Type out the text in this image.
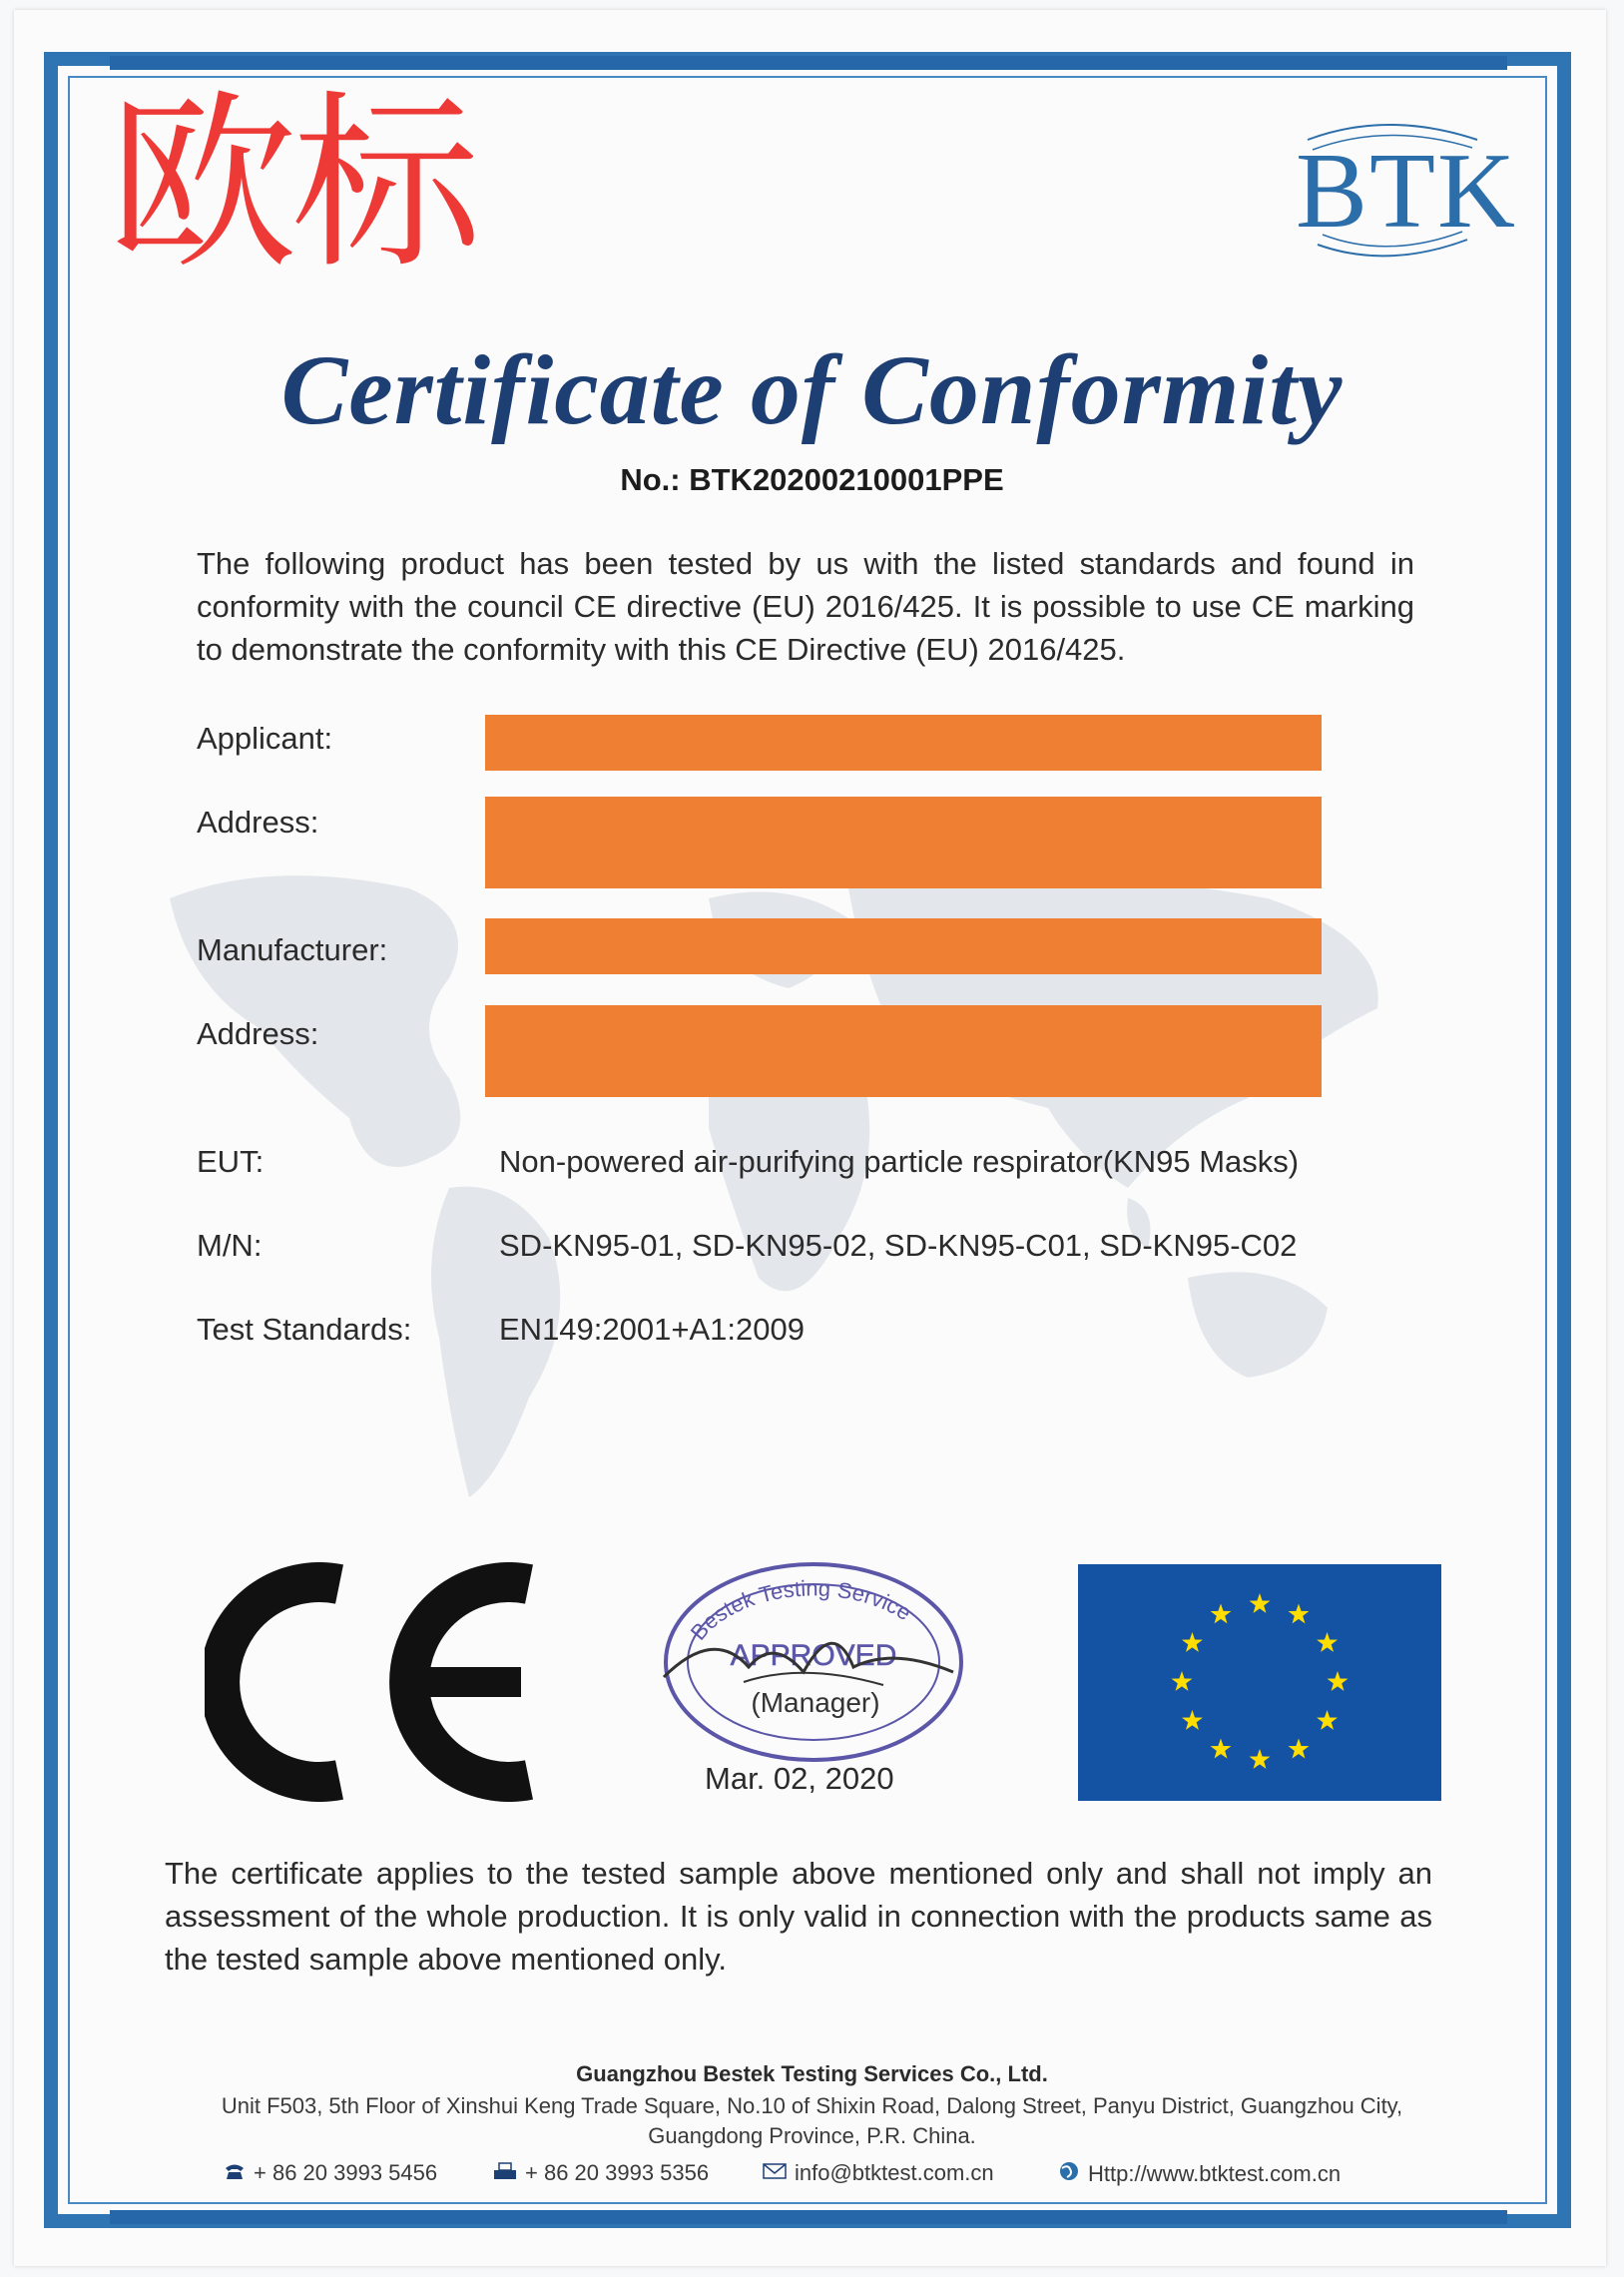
欧标	BTK
Certificate of Conformity
No.: BTK20200210001PPE
The following product has been tested by us with the listed standards and found in conformity with the council CE directive (EU) 2016/425. It is possible to use CE marking to demonstrate the conformity with this CE Directive (EU) 2016/425.
Applicant:
Address:
Manufacturer:
Address:
EUT:	Non-powered air-purifying particle respirator(KN95 Masks)
M/N:	SD-KN95-01, SD-KN95-02, SD-KN95-C01, SD-KN95-C02
Test Standards:	EN149:2001+A1:2009
Bestek Testing Service
APPROVED
(Manager)
Mar. 02, 2020
The certificate applies to the tested sample above mentioned only and shall not imply an assessment of the whole production. It is only valid in connection with the products same as the tested sample above mentioned only.
Guangzhou Bestek Testing Services Co., Ltd.
Unit F503, 5th Floor of Xinshui Keng Trade Square, No.10 of Shixin Road, Dalong Street, Panyu District, Guangzhou City, Guangdong Province, P.R. China.
+ 86 20 3993 5456	+ 86 20 3993 5356	info@btktest.com.cn	Http://www.btktest.com.cn
